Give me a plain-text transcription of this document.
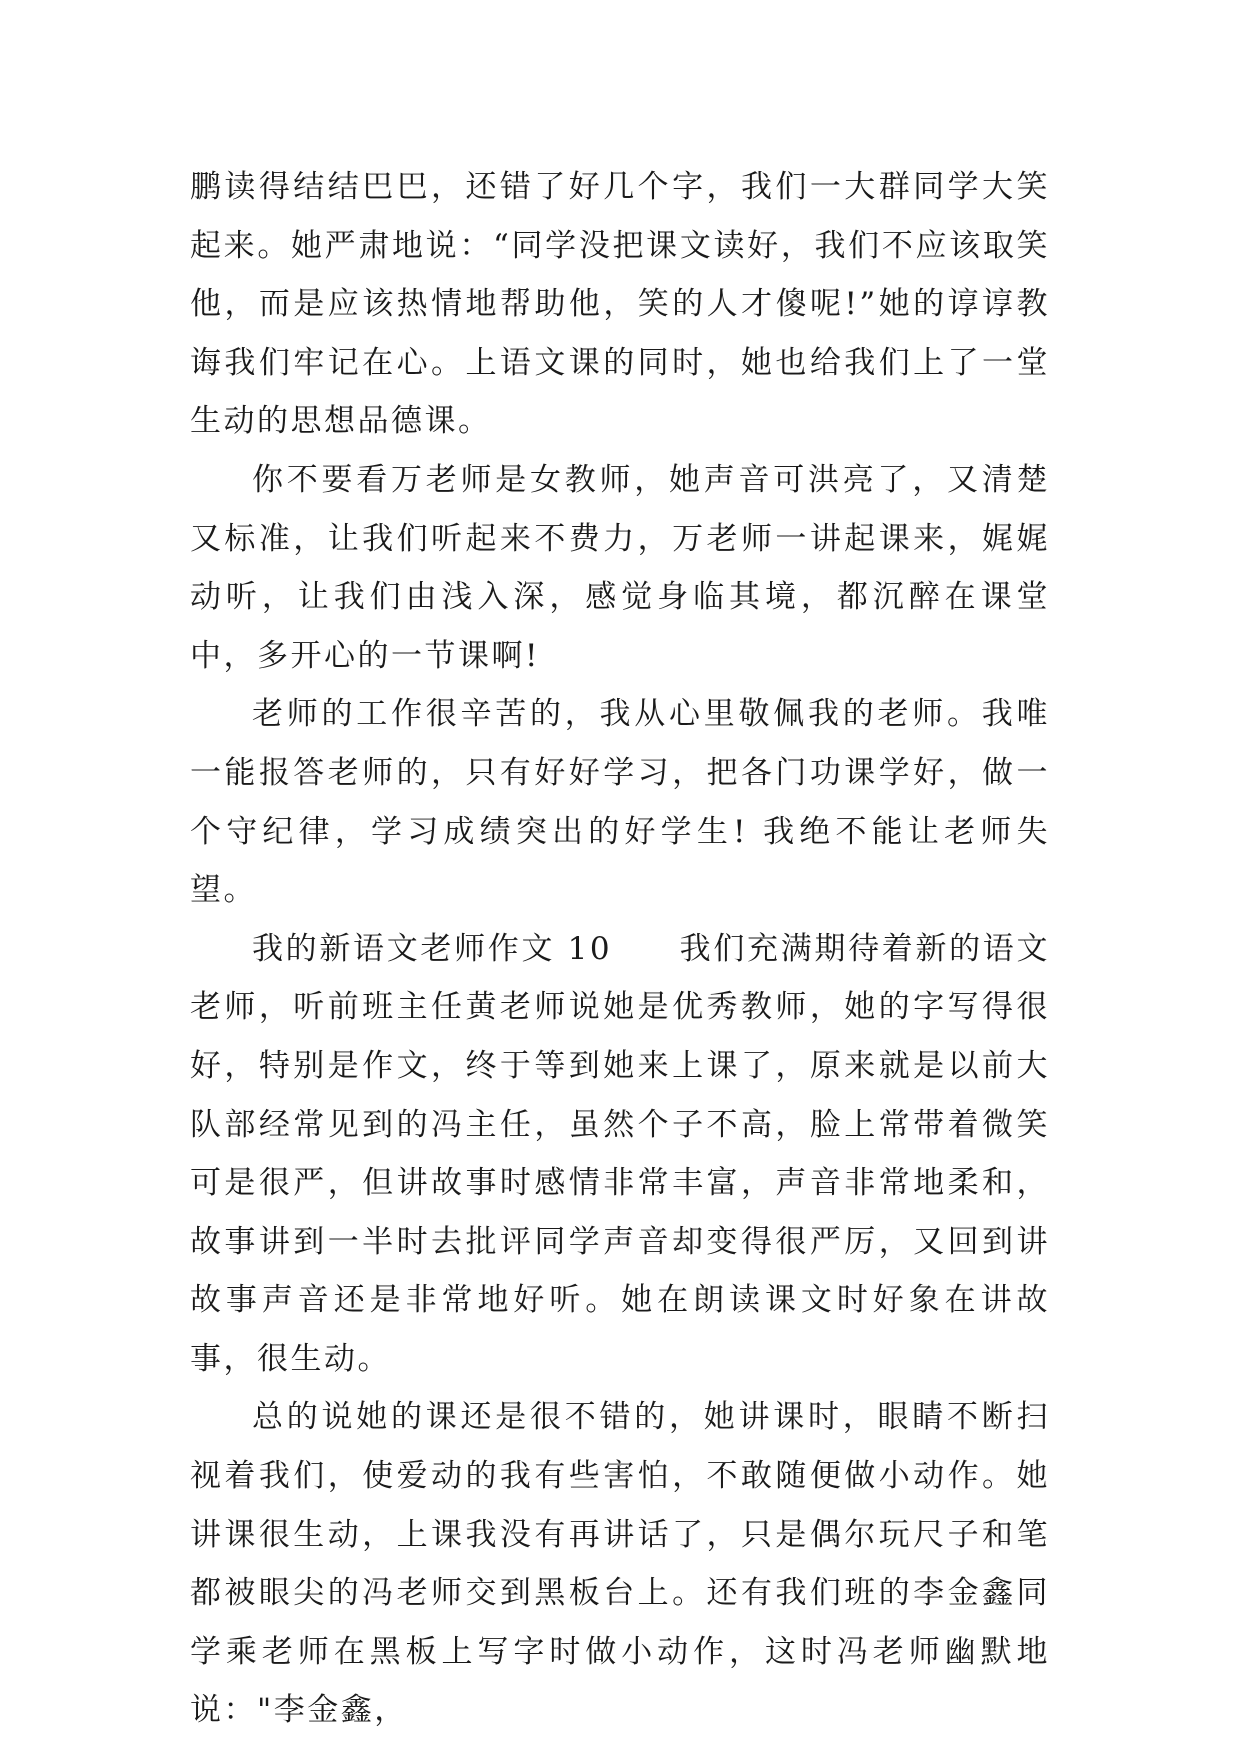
鹏读得结结巴巴，还错了好几个字，我们一大群同学大笑起来。她严肃地说：“同学没把课文读好，我们不应该取笑他，而是应该热情地帮助他，笑的人才傻呢!”她的谆谆教诲我们牢记在心。上语文课的同时，她也给我们上了一堂生动的思想品德课。

你不要看万老师是女教师，她声音可洪亮了，又清楚又标准，让我们听起来不费力，万老师一讲起课来，娓娓动听，让我们由浅入深，感觉身临其境，都沉醉在课堂中，多开心的一节课啊!

老师的工作很辛苦的，我从心里敬佩我的老师。我唯一能报答老师的，只有好好学习，把各门功课学好，做一个守纪律，学习成绩突出的好学生! 我绝不能让老师失望。

我的新语文老师作文 10　　我们充满期待着新的语文老师，听前班主任黄老师说她是优秀教师，她的字写得很好，特别是作文，终于等到她来上课了，原来就是以前大队部经常见到的冯主任，虽然个子不高，脸上常带着微笑可是很严，但讲故事时感情非常丰富，声音非常地柔和，故事讲到一半时去批评同学声音却变得很严厉，又回到讲故事声音还是非常地好听。她在朗读课文时好象在讲故事，很生动。

总的说她的课还是很不错的，她讲课时，眼睛不断扫视着我们，使爱动的我有些害怕，不敢随便做小动作。她讲课很生动，上课我没有再讲话了，只是偶尔玩尺子和笔都被眼尖的冯老师交到黑板台上。还有我们班的李金鑫同学乘老师在黑板上写字时做小动作，这时冯老师幽默地说："李金鑫，
